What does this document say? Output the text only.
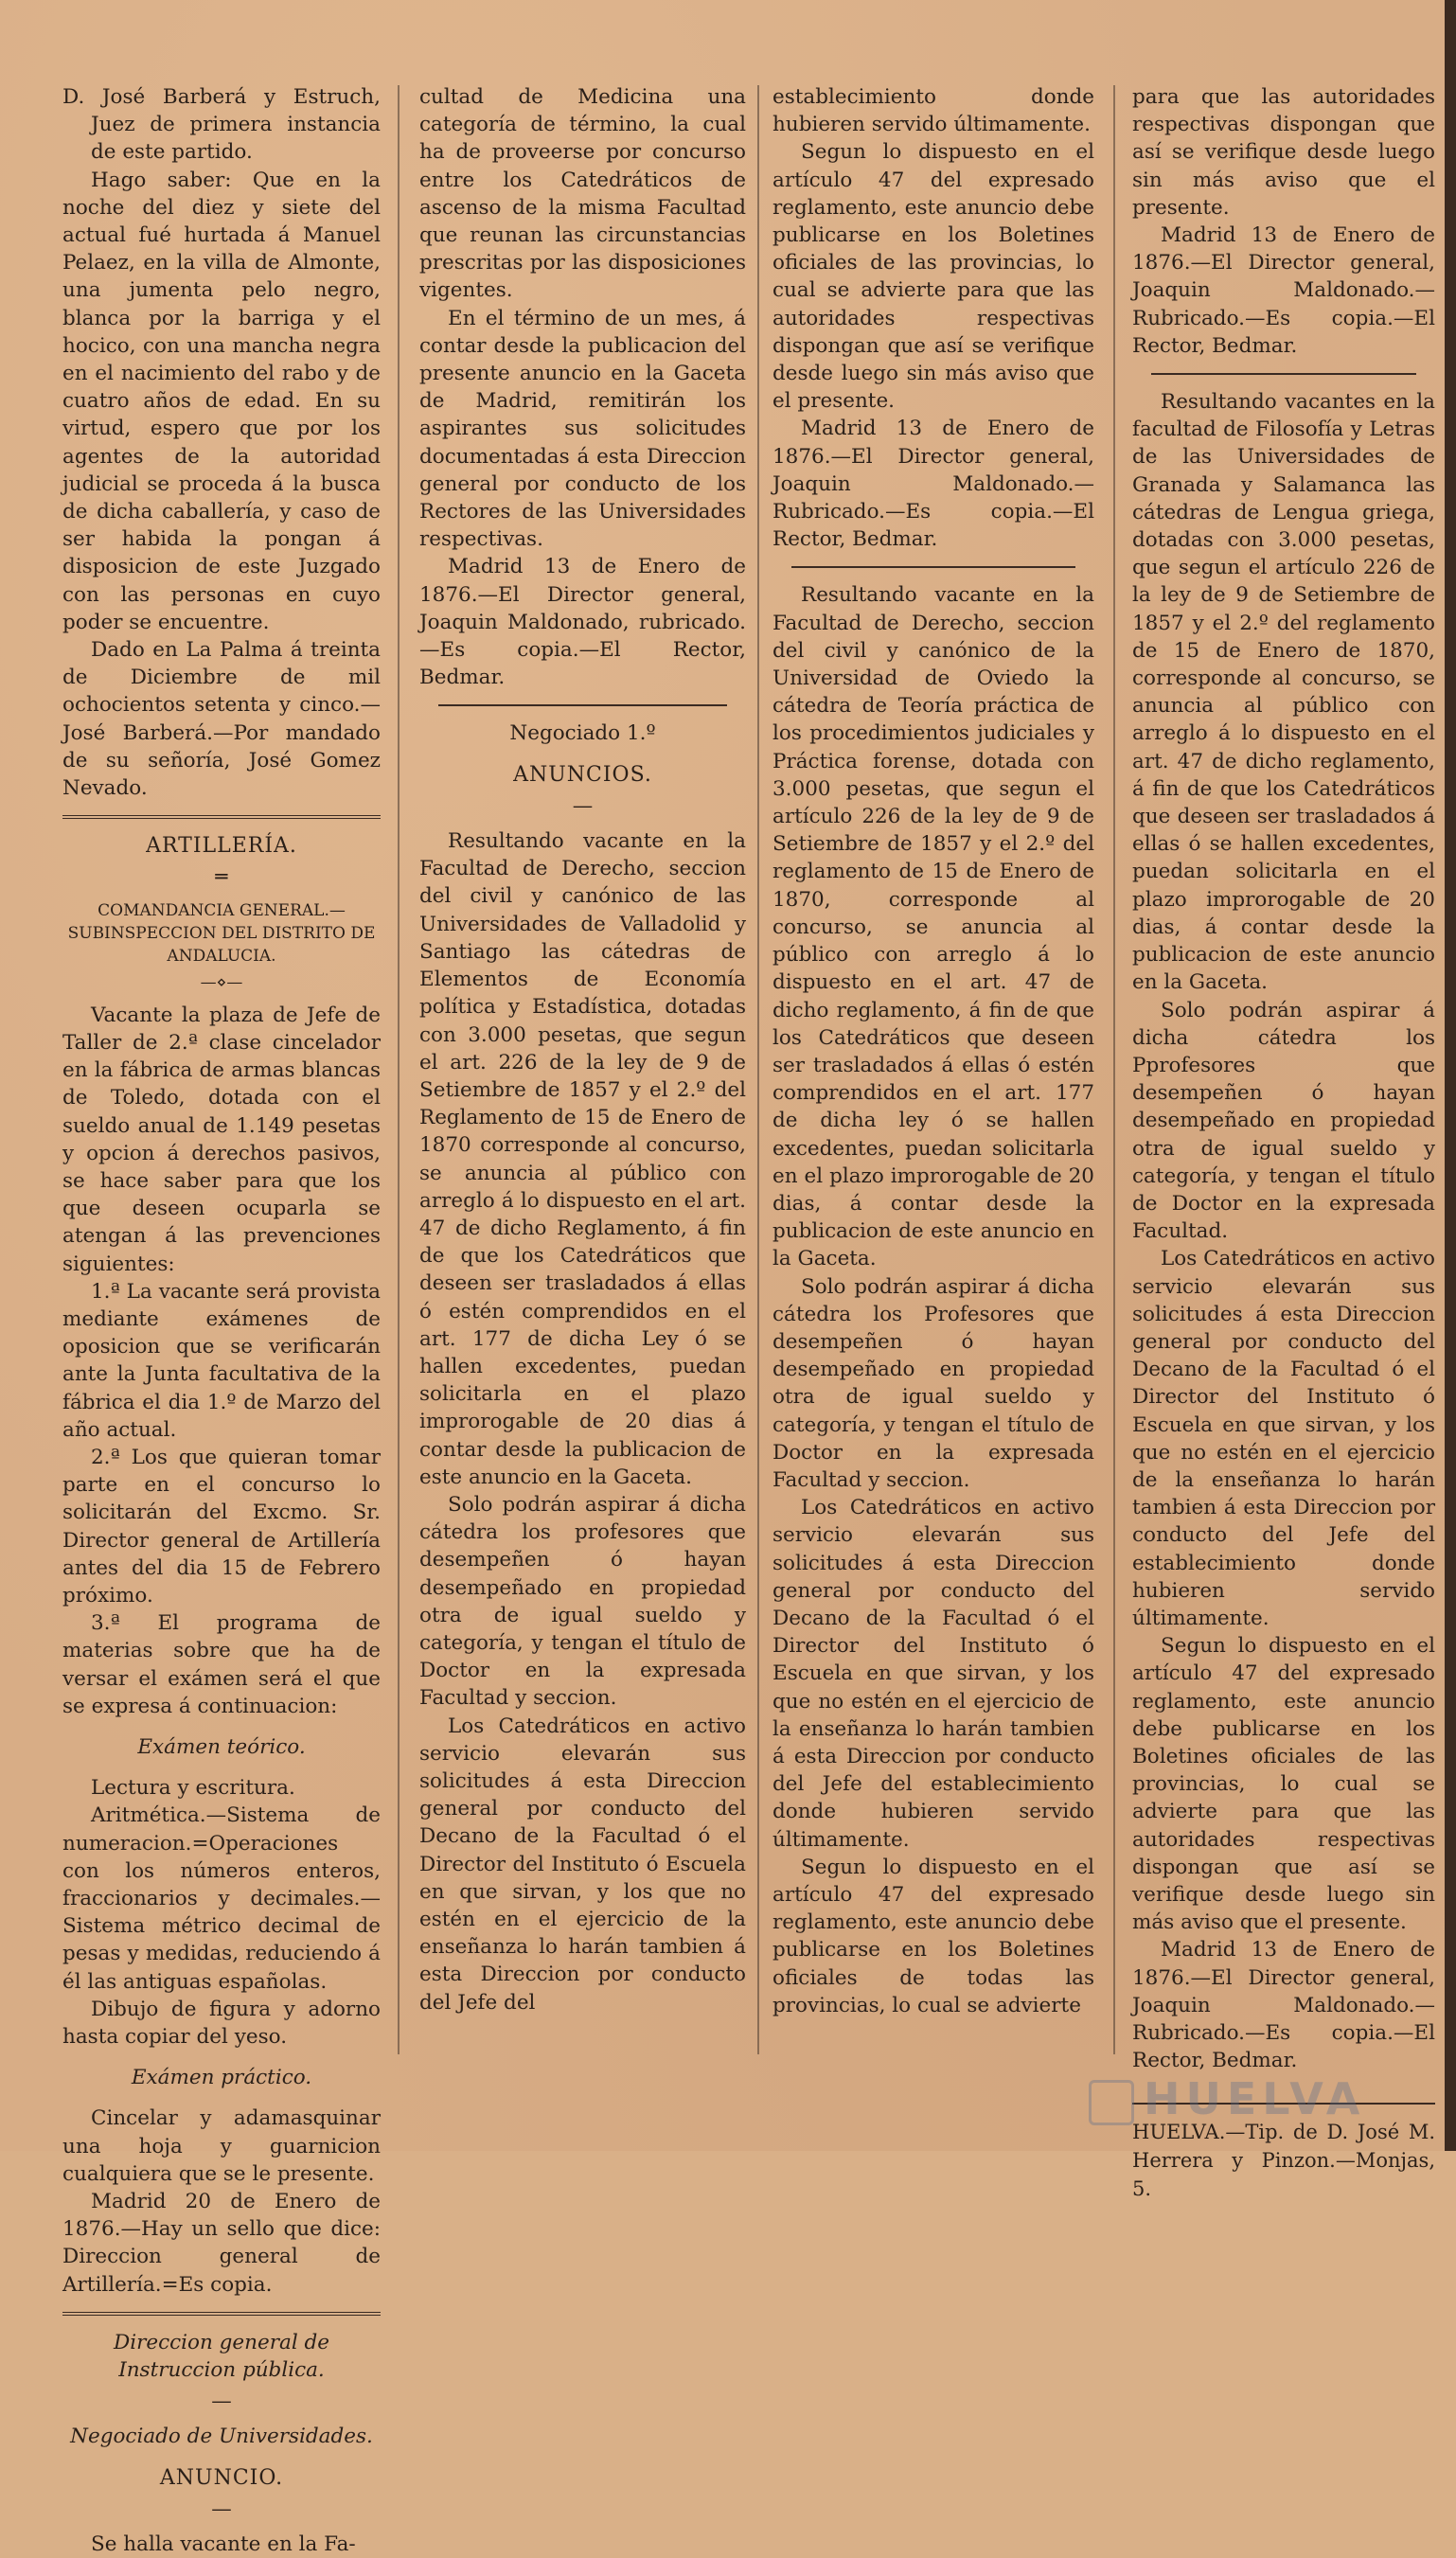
D. José Barberá y Estruch, Juez de primera instancia de este partido.

Hago saber: Que en la noche del diez y siete del actual fué hurtada á Manuel Pelaez, en la villa de Almonte, una jumenta pelo negro, blanca por la barriga y el hocico, con una mancha negra en el nacimiento del rabo y de cuatro años de edad. En su virtud, espero que por los agentes de la autoridad judicial se proceda á la busca de dicha caballería, y caso de ser habida la pongan á disposicion de este Juzgado con las personas en cuyo poder se encuentre.

Dado en La Palma á treinta de Diciembre de mil ochocientos setenta y cinco.—José Barberá.—Por mandado de su señoría, José Gomez Nevado.

ARTILLERÍA.

═

COMANDANCIA GENERAL.—SUBINSPECCION DEL DISTRITO DE ANDALUCIA.

—⋄—

Vacante la plaza de Jefe de Taller de 2.ª clase cincelador en la fábrica de armas blancas de Toledo, dotada con el sueldo anual de 1.149 pesetas y opcion á derechos pasivos, se hace saber para que los que deseen ocuparla se atengan á las prevenciones siguientes:

1.ª La vacante será provista mediante exámenes de oposicion que se verificarán ante la Junta facultativa de la fábrica el dia 1.º de Marzo del año actual.

2.ª Los que quieran tomar parte en el concurso lo solicitarán del Excmo. Sr. Director general de Artillería antes del dia 15 de Febrero próximo.

3.ª El programa de materias sobre que ha de versar el exámen será el que se expresa á continuacion:

Exámen teórico.

Lectura y escritura.

Aritmética.—Sistema de numeracion.=Operaciones con los números enteros, fraccionarios y decimales.—Sistema métrico decimal de pesas y medidas, reduciendo á él las antiguas españolas.

Dibujo de figura y adorno hasta copiar del yeso.

Exámen práctico.

Cincelar y adamasquinar una hoja y guarnicion cualquiera que se le presente.

Madrid 20 de Enero de 1876.—Hay un sello que dice: Direccion general de Artillería.=Es copia.

Direccion general de Instruccion pública.

—

Negociado de Universidades.

ANUNCIO.

—

Se halla vacante en la Fa-

cultad de Medicina una categoría de término, la cual ha de proveerse por concurso entre los Catedráticos de ascenso de la misma Facultad que reunan las circunstancias prescritas por las disposiciones vigentes.

En el término de un mes, á contar desde la publicacion del presente anuncio en la Gaceta de Madrid, remitirán los aspirantes sus solicitudes documentadas á esta Direccion general por conducto de los Rectores de las Universidades respectivas.

Madrid 13 de Enero de 1876.—El Director general, Joaquin Maldonado, rubricado.—Es copia.—El Rector, Bedmar.

Negociado 1.º

ANUNCIOS.

—

Resultando vacante en la Facultad de Derecho, seccion del civil y canónico de las Universidades de Valladolid y Santiago las cátedras de Elementos de Economía política y Estadística, dotadas con 3.000 pesetas, que segun el art. 226 de la ley de 9 de Setiembre de 1857 y el 2.º del Reglamento de 15 de Enero de 1870 corresponde al concurso, se anuncia al público con arreglo á lo dispuesto en el art. 47 de dicho Reglamento, á fin de que los Catedráticos que deseen ser trasladados á ellas ó estén comprendidos en el art. 177 de dicha Ley ó se hallen excedentes, puedan solicitarla en el plazo improrogable de 20 dias á contar desde la publicacion de este anuncio en la Gaceta.

Solo podrán aspirar á dicha cátedra los profesores que desempeñen ó hayan desempeñado en propiedad otra de igual sueldo y categoría, y tengan el título de Doctor en la expresada Facultad y seccion.

Los Catedráticos en activo servicio elevarán sus solicitudes á esta Direccion general por conducto del Decano de la Facultad ó el Director del Instituto ó Escuela en que sirvan, y los que no estén en el ejercicio de la enseñanza lo harán tambien á esta Direccion por conducto del Jefe del

establecimiento donde hubieren servido últimamente.

Segun lo dispuesto en el artículo 47 del expresado reglamento, este anuncio debe publicarse en los Boletines oficiales de las provincias, lo cual se advierte para que las autoridades respectivas dispongan que así se verifique desde luego sin más aviso que el presente.

Madrid 13 de Enero de 1876.—El Director general, Joaquin Maldonado.—Rubricado.—Es copia.—El Rector, Bedmar.

Resultando vacante en la Facultad de Derecho, seccion del civil y canónico de la Universidad de Oviedo la cátedra de Teoría práctica de los procedimientos judiciales y Práctica forense, dotada con 3.000 pesetas, que segun el artículo 226 de la ley de 9 de Setiembre de 1857 y el 2.º del reglamento de 15 de Enero de 1870, corresponde al concurso, se anuncia al público con arreglo á lo dispuesto en el art. 47 de dicho reglamento, á fin de que los Catedráticos que deseen ser trasladados á ellas ó estén comprendidos en el art. 177 de dicha ley ó se hallen excedentes, puedan solicitarla en el plazo improrogable de 20 dias, á contar desde la publicacion de este anuncio en la Gaceta.

Solo podrán aspirar á dicha cátedra los Profesores que desempeñen ó hayan desempeñado en propiedad otra de igual sueldo y categoría, y tengan el título de Doctor en la expresada Facultad y seccion.

Los Catedráticos en activo servicio elevarán sus solicitudes á esta Direccion general por conducto del Decano de la Facultad ó el Director del Instituto ó Escuela en que sirvan, y los que no estén en el ejercicio de la enseñanza lo harán tambien á esta Direccion por conducto del Jefe del establecimiento donde hubieren servido últimamente.

Segun lo dispuesto en el artículo 47 del expresado reglamento, este anuncio debe publicarse en los Boletines oficiales de todas las provincias, lo cual se advierte

para que las autoridades respectivas dispongan que así se verifique desde luego sin más aviso que el presente.

Madrid 13 de Enero de 1876.—El Director general, Joaquin Maldonado.—Rubricado.—Es copia.—El Rector, Bedmar.

Resultando vacantes en la facultad de Filosofía y Letras de las Universidades de Granada y Salamanca las cátedras de Lengua griega, dotadas con 3.000 pesetas, que segun el artículo 226 de la ley de 9 de Setiembre de 1857 y el 2.º del reglamento de 15 de Enero de 1870, corresponde al concurso, se anuncia al público con arreglo á lo dispuesto en el art. 47 de dicho reglamento, á fin de que los Catedráticos que deseen ser trasladados á ellas ó se hallen excedentes, puedan solicitarla en el plazo improrogable de 20 dias, á contar desde la publicacion de este anuncio en la Gaceta.

Solo podrán aspirar á dicha cátedra los Pprofesores que desempeñen ó hayan desempeñado en propiedad otra de igual sueldo y categoría, y tengan el título de Doctor en la expresada Facultad.

Los Catedráticos en activo servicio elevarán sus solicitudes á esta Direccion general por conducto del Decano de la Facultad ó el Director del Instituto ó Escuela en que sirvan, y los que no estén en el ejercicio de la enseñanza lo harán tambien á esta Direccion por conducto del Jefe del establecimiento donde hubieren servido últimamente.

Segun lo dispuesto en el artículo 47 del expresado reglamento, este anuncio debe publicarse en los Boletines oficiales de las provincias, lo cual se advierte para que las autoridades respectivas dispongan que así se verifique desde luego sin más aviso que el presente.

Madrid 13 de Enero de 1876.—El Director general, Joaquin Maldonado.—Rubricado.—Es copia.—El Rector, Bedmar.

HUELVA.—Tip. de D. José M. Herrera y Pinzon.—Monjas, 5.

HUELVA
